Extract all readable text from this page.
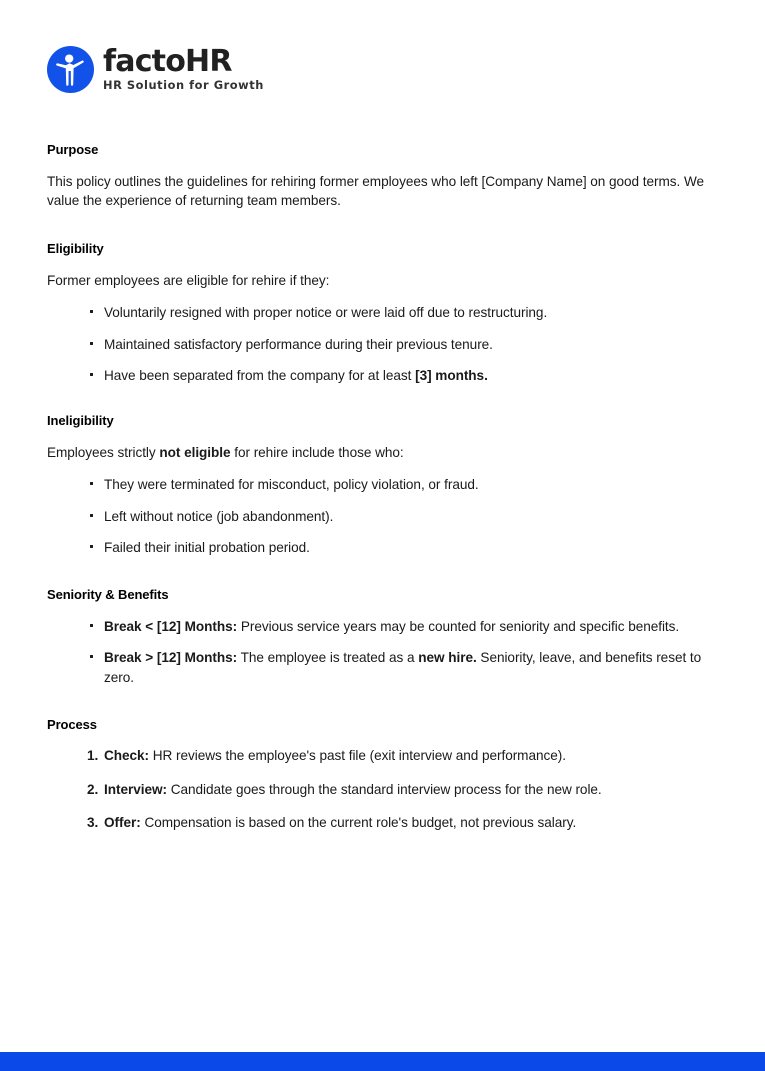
factoHR
HR Solution for Growth
Purpose

This policy outlines the guidelines for rehiring former employees who left [Company Name] on good terms. We value the experience of returning team members.

Eligibility

Former employees are eligible for rehire if they:

Voluntarily resigned with proper notice or were laid off due to restructuring.
Maintained satisfactory performance during their previous tenure.
Have been separated from the company for at least [3] months.
Ineligibility

Employees strictly not eligible for rehire include those who:

They were terminated for misconduct, policy violation, or fraud.
Left without notice (job abandonment).
Failed their initial probation period.
Seniority & Benefits
Break < [12] Months: Previous service years may be counted for seniority and specific benefits.
Break > [12] Months: The employee is treated as a new hire. Seniority, leave, and benefits reset to zero.
Process
1. Check: HR reviews the employee's past file (exit interview and performance).
2. Interview: Candidate goes through the standard interview process for the new role.
3. Offer: Compensation is based on the current role's budget, not previous salary.
